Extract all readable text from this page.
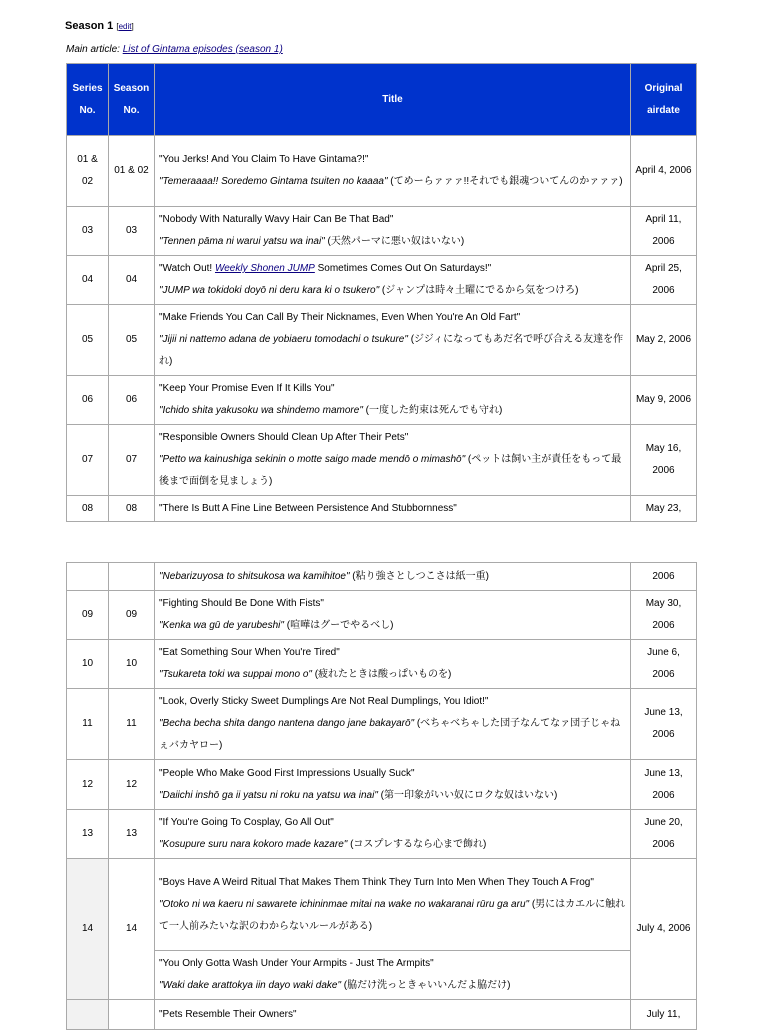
Season 1 [edit]
Main article: List of Gintama episodes (season 1)
Series No.	Season No.	Title	Original airdate
01 & 02	01 & 02	"You Jerks! And You Claim To Have Gintama?!"
"Temeraaaa!! Soredemo Gintama tsuiten no kaaaa" (てめーらァァァ!!それでも銀魂ついてんのかァァァ)	April 4, 2006
03	03	"Nobody With Naturally Wavy Hair Can Be That Bad"
"Tennen pāma ni warui yatsu wa inai" (天然パーマに悪い奴はいない)	April 11, 2006
04	04	"Watch Out! Weekly Shonen JUMP Sometimes Comes Out On Saturdays!"
"JUMP wa tokidoki doyō ni deru kara ki o tsukero" (ジャンプは時々土曜にでるから気をつけろ)	April 25, 2006
05	05	"Make Friends You Can Call By Their Nicknames, Even When You're An Old Fart"
"Jijii ni nattemo adana de yobiaeru tomodachi o tsukure" (ジジィになってもあだ名で呼び合える友達を作れ)	May 2, 2006
06	06	"Keep Your Promise Even If It Kills You"
"Ichido shita yakusoku wa shindemo mamore" (一度した約束は死んでも守れ)	May 9, 2006
07	07	"Responsible Owners Should Clean Up After Their Pets"
"Petto wa kainushiga sekinin o motte saigo made mendō o mimashō" (ペットは飼い主が責任をもって最後まで面倒を見ましょう)	May 16, 2006
08	08	"There Is Butt A Fine Line Between Persistence And Stubbornness"	May 23,
		"Nebarizuyosa to shitsukosa wa kamihitoe" (粘り強さとしつこさは紙一重)	2006
09	09	"Fighting Should Be Done With Fists"
"Kenka wa gū de yarubeshi" (喧嘩はグーでやるべし)	May 30, 2006
10	10	"Eat Something Sour When You're Tired"
"Tsukareta toki wa suppai mono o" (疲れたときは酸っぱいものを)	June 6, 2006
11	11	"Look, Overly Sticky Sweet Dumplings Are Not Real Dumplings, You Idiot!"
"Becha becha shita dango nantena dango jane bakayarō" (べちゃべちゃした団子なんてなァ団子じゃねぇバカヤロー)	June 13, 2006
12	12	"People Who Make Good First Impressions Usually Suck"
"Daiichi inshō ga ii yatsu ni roku na yatsu wa inai" (第一印象がいい奴にロクな奴はいない)	June 13, 2006
13	13	"If You're Going To Cosplay, Go All Out"
"Kosupure suru nara kokoro made kazare" (コスプレするなら心まで飾れ)	June 20, 2006
14	14	"Boys Have A Weird Ritual That Makes Them Think They Turn Into Men When They Touch A Frog"
"Otoko ni wa kaeru ni sawarete ichininmae mitai na wake no wakaranai rūru ga aru" (男にはカエルに触れて一人前みたいな訳のわからないルールがある)	July 4, 2006

		"You Only Gotta Wash Under Your Armpits - Just The Armpits"
"Waki dake arattokya iin dayo waki dake" (脇だけ洗っときゃいいんだよ脇だけ)	
		"Pets Resemble Their Owners"	July 11,
